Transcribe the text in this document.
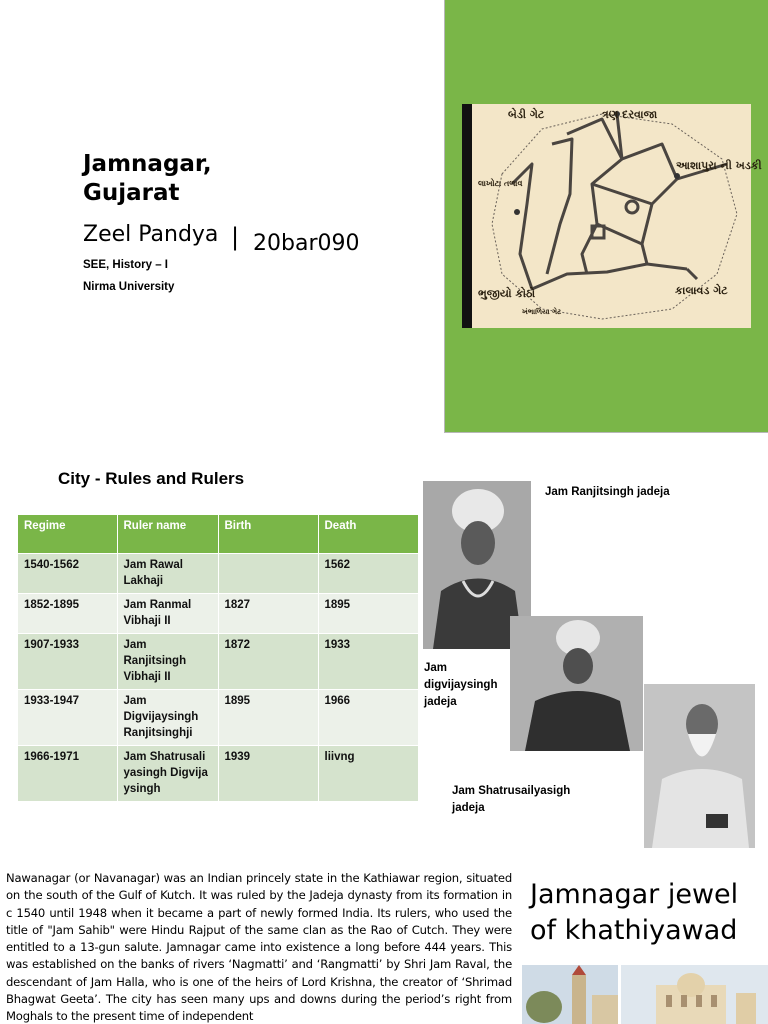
Jamnagar,
Gujarat
Zeel Pandya | 20bar090
SEE, History – I
Nirma University
બેડી ગેટ	ત્રણ દરવાજા
આશાપુરા ની ખડકી
લાખોટા તળાવ
ભુજીયો કોઠો	કાલાવડ ગેટ
ખંભાળિયા ગેટ
City - Rules and Rulers
Regime	Ruler name	Birth	Death
1540-1562	Jam Rawal Lakhaji		1562
1852-1895	Jam Ranmal Vibhaji II	1827	1895
1907-1933	Jam Ranjitsingh Vibhaji II	1872	1933
1933-1947	Jam Digvijaysingh Ranjitsinghji	1895	1966
1966-1971	Jam Shatrusaliyasingh Digvijaysingh	1939	liivng
Jam Ranjitsingh jadeja
Jam digvijaysingh jadeja
Jam Shatrusailyasigh jadeja
Nawanagar (or Navanagar) was an Indian princely state in the Kathiawar region, situated on the south of the Gulf of Kutch. It was ruled by the Jadeja dynasty from its formation in c 1540 until 1948 when it became a part of newly formed India. Its rulers, who used the title of "Jam Sahib" were Hindu Rajput of the same clan as the Rao of Cutch. They were entitled to a 13-gun salute. Jamnagar came into existence a long before 444 years. This was established on the banks of rivers ‘Nagmatti’ and ‘Rangmatti’ by Shri Jam Raval, the descendant of Jam Halla, who is one of the heirs of Lord Krishna, the creator of ‘Shrimad Bhagwat Geeta’. The city has seen many ups and downs during the period’s right from Moghals to the present time of independent
Jamnagar jewel
of khathiyawad
